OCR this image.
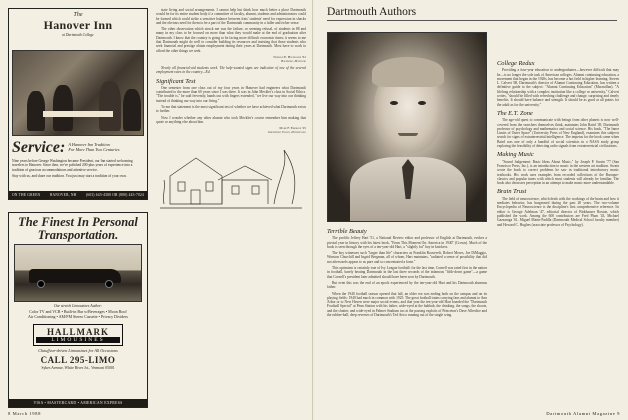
The
Hanover Inn
at Dartmouth College
Service: A Hanover Inn Tradition
For More Than Two Centuries

Nine years before George Washington became President, our Inn started welcoming travelers to Hanover. Since then, we've polished 200-plus years of experience into a tradition of gracious accommodations and attentive service.

Stay with us, and share our tradition. You just may start a tradition of your own.

ON THE GREEN	HANOVER, NH	(603) 643-4300 OR (800) 443-7024
The Finest In Personal Transportation.
Our stretch Limousines Author:
Color TV and VCR • Built-in Bar w/Beverages • Moon Roof
Air Conditioning • AM/FM Stereo Cassette • Privacy Dividers
HALLMARK
LIMOUSINES
Chauffeur-driven Limousines for All Occasions
CALL 295-LIMO
Sykes Avenue, White River Jct., Vermont 05001
VISA • MASTERCARD • AMERICAN EXPRESS

state living and social arrangements. I cannot help but think how much better a place Dartmouth would be for its entire student body if a committee of faculty, alumni, students and administrators could be formed which could strike a sensitive balance between frats' students' need for expression in shacks and the obvious need for them to be a part of the Dartmouth community in a fuller and richer sense.

The other observation which struck me was the failure, or seeming refusal, of students in 88 and many in my class to be focused on more than what they would make at the end of graduation after Dartmouth. I know that the country is going to be facing more difficult economic times; it seems to me that Dartmouth might do well to consider building its resources and insisting that those students who seek financial and prestige obtain employment during their years at Dartmouth. Most have to work to afford the other things we seek.

Norman E. Buchbauer '61
Baltimore, Maryland

Nearly all financial-aid students work. The help-wanted signs are indicative of one of the several employment rates in the country—Ed.

Significant Test

One semester from one class out of my four years in Hanover had engineers what Dartmouth contributed to the more than 60 years since I was there. It was in John Meckler's class in Social Ethics. "The trouble is," he said fervently, hands out with fingers extended, "we live our way into our thinking instead of thinking our way into our living."

To me that statement is the most significant test of whether we have achieved what Dartmouth exists to further.

Now I wonder whether any other alumni who took Meckler's course remember him making that quote or anything else about him.

Mark F. Emerson '25
Greenfield Valley, Pennsylvania
8 March 1988
Dartmouth Authors
Terrible Beauty

The prolific Jeffrey Hart '51, a National Review editor and professor of English at Dartmouth, evokes a pivotal year in history with his latest book, "From This Moment On: America in 1940" (Crown). Much of the book is seen through the eyes of a ten-year-old Hart, a "slightly fat" boy in knickers.

The boy witnesses such "larger than life" characters as Franklin Roosevelt, Robert Moses, Joe DiMaggio, Winston Churchill and Ingrid Bergman, all of whom, Hart maintains, "radiated a sense of possibility that did not afterwards appear to us pure and so concentrated a form."

This optimism is certainly true of Ivy League football: for the last time, Cornell was rated first in the nation in football, barely beating Dartmouth in the last three seconds of the infamous "fifth-down game"—a game that Cornell's president later admitted should have been won by Dartmouth.

But even this was the end of an epoch experienced by the ten-year-old Hart and his Dartmouth alumnus father.

When the 1940 football season opened that fall, an older era was ending both on the campus and on its playing fields: 1940 had much in common with 1925. The great football trains carrying fans and alumni to Ann Arbor or to New Haven were major social events, and that year the ten-year-old Hart boarded the "Dartmouth Football Special" at Penn Station with his father, wide-eyed at the hubbub, the drinking, the songs, the shouts, and the chatter, and wide-eyed in Palmer Stadium too at the passing exploits of Princeton's Dave Allerdice and the rubber-ball, deep reverses of Dartmouth's Ted Arico running out of the single wing.

College Redux

Providing a four-year education to undergraduates—however difficult that may be—is no longer the sole task of American colleges. Alumni continuing education, a movement that began in the 1920s, has become a hot field in higher learning. Steven L. Calvert '68, Dartmouth's director of Alumni Continuing Education, has written a definitive guide to the subject: "Alumni Continuing Education" (Macmillan). "A lifelong relationship with a complex institution like a college or university," Calvert writes, "should be filled with refreshing challenge and change, surprising and timely benefits. It should have balance and strength. It should be as good at all points for the adult as for the university."

The E.T. Zone

The age-old quest to communicate with beings from other planets is now well-covered from the searchers themselves think, maintains John Baird '49, Dartmouth professor of psychology and mathematics and social science. His book, "The Inner Limits of Outer Space" (University Press of New England), examines this subjects search for signs of extraterrestrial intelligence. The impetus for the book came when Baird was one of only a handful of social scientists in a NASA study group exploring the feasibility of detecting radio signals from extraterrestrial civilizations.

Making Music

"Sound Judgement: Basic Ideas About Music," by Joseph P. Swain '77 (San Francisco Press, Inc.), is an introduction to music in the western art tradition. Swain wrote the book to correct problems he saw in traditional introductory music textbooks. His work uses examples from recorded collections of the Baroque-classics and popular tunes with which most students will already be familiar. The book also discusses perception in an attempt to make music more understandable.

Brain Trust

The field of neuroscience, which deals with the workings of the brain and how it mediates behavior, has burgeoned during the past 20 years. The two-volume Encyclopedia of Neuroscience is the discipline's first comprehensive reference. Its editor is George Adelman '47, editorial director of Birkhauser Boston, which published the work. Among the 600 contributors are Fred Plum '43, Michael Gazzaniga '61, Miguel Marin-Padilla (Dartmouth Medical School faculty member) and Howard C. Hughes (associate professor of Psychology).

Dartmouth Alumni Magazine 9
